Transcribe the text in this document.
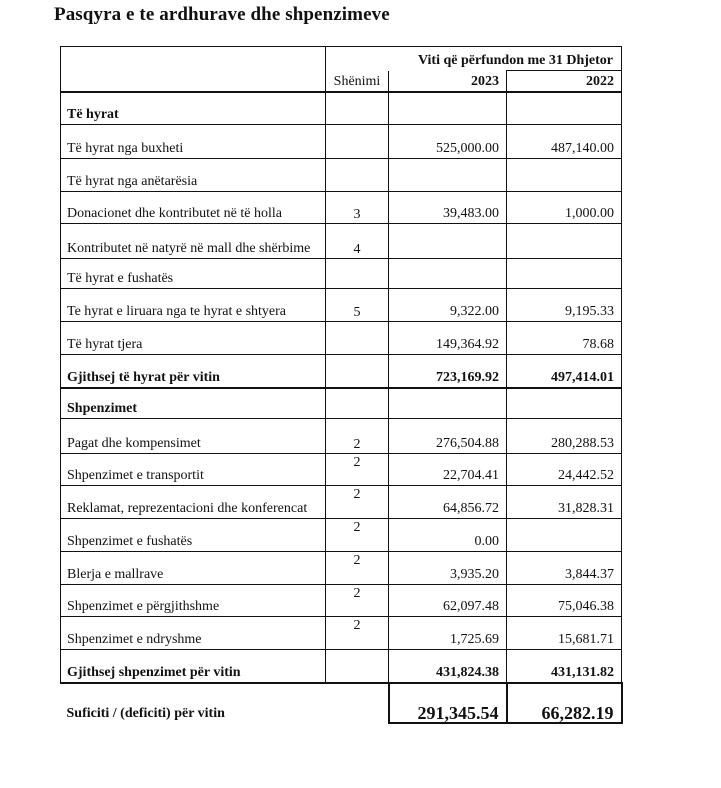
Pasqyra e te ardhurave dhe shpenzimeve
		Viti që përfundon me 31 Dhjetor	
	Shënimi	2023	2022
Të hyrat			
Të hyrat nga buxheti		525,000.00	487,140.00
Të hyrat nga anëtarësia			
Donacionet dhe kontributet në të holla	3	39,483.00	1,000.00
Kontributet në natyrë në mall dhe shërbime	4		
Të hyrat e fushatës			
Te hyrat e liruara nga te hyrat e shtyera	5	9,322.00	9,195.33
Të hyrat tjera		149,364.92	78.68
Gjithsej të hyrat për vitin		723,169.92	497,414.01
Shpenzimet			
Pagat dhe kompensimet	2	276,504.88	280,288.53
Shpenzimet e transportit	2	22,704.41	24,442.52
Reklamat, reprezentacioni dhe konferencat	2	64,856.72	31,828.31
Shpenzimet e fushatës	2	0.00	
Blerja e mallrave	2	3,935.20	3,844.37
Shpenzimet e përgjithshme	2	62,097.48	75,046.38
Shpenzimet e ndryshme	2	1,725.69	15,681.71
Gjithsej shpenzimet për vitin		431,824.38	431,131.82
Suficiti / (deficiti) për vitin		291,345.54	66,282.19
